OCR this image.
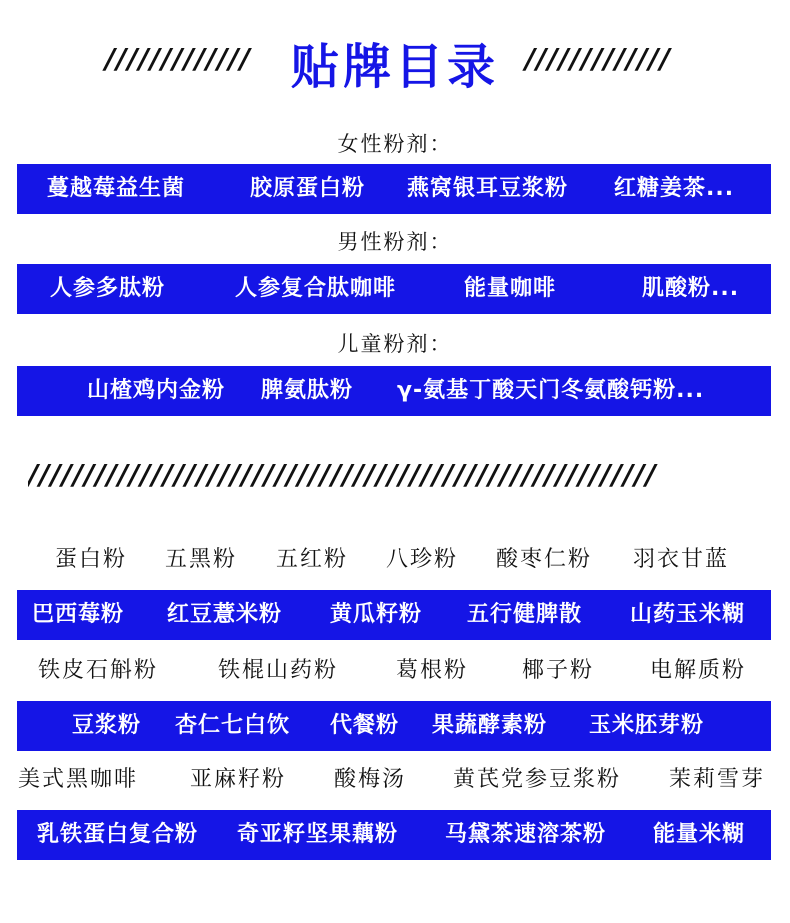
///////////// 贴牌目录 /////////////
女性粉剂：
蔓越莓益生菌	胶原蛋白粉 燕窝银耳豆浆粉 红糖姜茶...
男性粉剂：
人参多肽粉	人参复合肽咖啡	能量咖啡	肌酸粉...
儿童粉剂：
山楂鸡内金粉 脾氨肽粉 γ-氨基丁酸天门冬氨酸钙粉...
////////////////////////////////////////////////////////
蛋白粉 五黑粉 五红粉 八珍粉 酸枣仁粉 羽衣甘蓝
巴西莓粉 红豆薏米粉 黄瓜籽粉 五行健脾散 山药玉米糊
铁皮石斛粉	铁棍山药粉	葛根粉 椰子粉	电解质粉
豆浆粉 杏仁七白饮 代餐粉 果蔬酵素粉 玉米胚芽粉
美式黑咖啡 亚麻籽粉 酸梅汤 黄芪党参豆浆粉 茉莉雪芽
乳铁蛋白复合粉 奇亚籽坚果藕粉 马黛茶速溶茶粉 能量米糊
